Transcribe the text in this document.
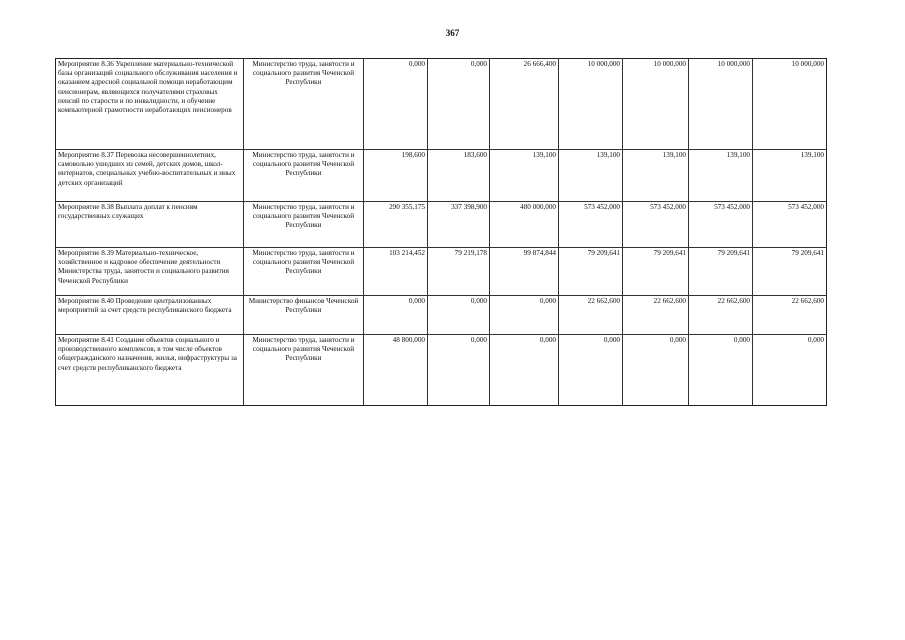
367
Мероприятие 8.36 Укрепление материально-технической базы организаций социального обслуживания населения и оказанием адресной социальной помощи неработающим пенсионерам, являющихся получателями страховых пенсий по старости и по инвалидности, и обучение компьютерной грамотности неработающих пенсионеров	Министерство труда, занятости и социального развития Чеченской Республики	0,000	0,000	26 666,400	10 000,000	10 000,000	10 000,000	10 000,000
Мероприятие 8.37 Перевозка несовершеннолетних, самовольно ушедших из семей, детских домов, школ-интернатов, специальных учебно-воспитательных и иных детских организаций	Министерство труда, занятости и социального развития Чеченской Республики	198,600	183,600	139,100	139,100	139,100	139,100	139,100
Мероприятие 8.38 Выплата доплат к пенсиям государственных служащих	Министерство труда, занятости и социального развития Чеченской Республики	290 355,175	337 398,900	480 000,000	573 452,000	573 452,000	573 452,000	573 452,000
Мероприятие 8.39 Материально-техническое, хозяйственное и кадровое обеспечение деятельности Министерства труда, занятости и социального развития Чеченской Республики	Министерство труда, занятости и социального развития Чеченской Республики	103 214,452	79 219,178	99 874,844	79 209,641	79 209,641	79 209,641	79 209,641
Мероприятие 8.40 Проведение централизованных мероприятий за счет средств республиканского бюджета	Министерство финансов Чеченской Республики	0,000	0,000	0,000	22 662,600	22 662,600	22 662,600	22 662,600
Мероприятие 8.41 Создание объектов социального и производственного комплексов, в том числе объектов общегражданского назначения, жилья, инфраструктуры за счет средств республиканского бюджета	Министерство труда, занятости и социального развития Чеченской Республики	48 800,000	0,000	0,000	0,000	0,000	0,000	0,000
